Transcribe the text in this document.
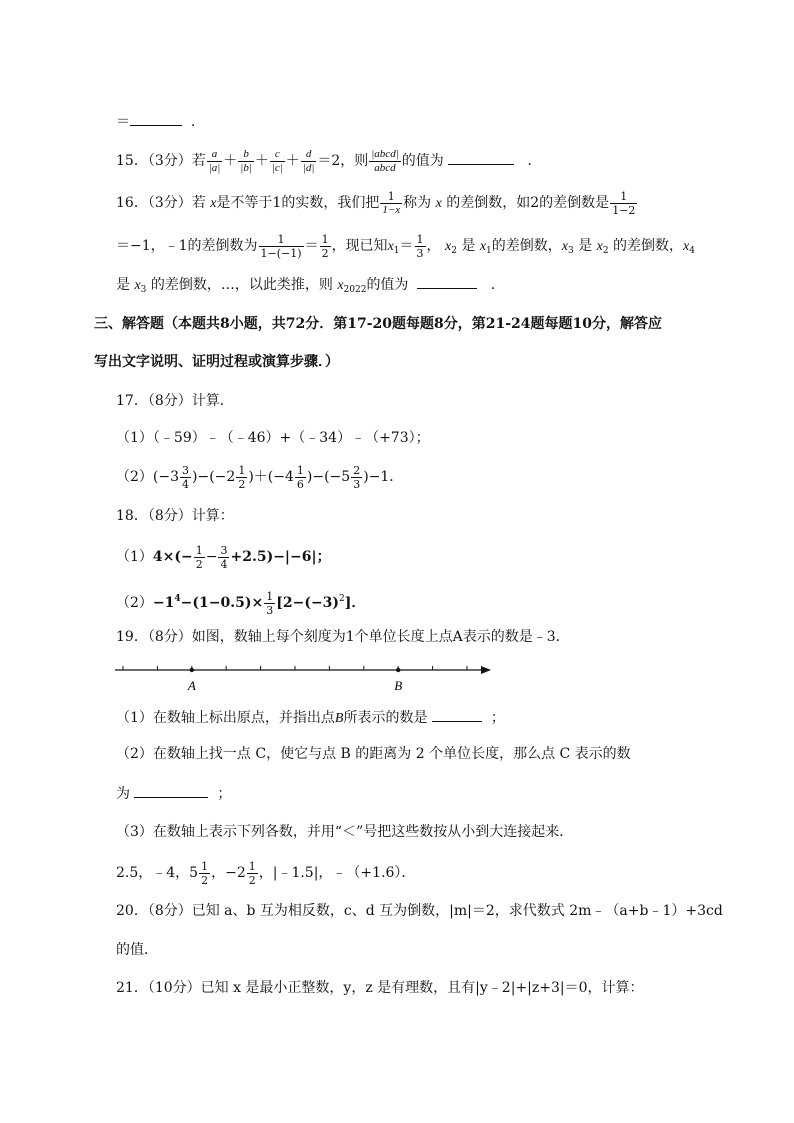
＝	.
15．（3分）若 $\frac{a}{|a|} + \frac{b}{|b|} + \frac{c}{|c|} + \frac{d}{|d|} =2$，则 $\frac{\text{|abcd|}}{\text{abcd}}$ 的值为	.
16．（3分）若 x是不等于1的实数，我们把 $\frac{1}{1-x}$ 称为 x 的差倒数，如2的差倒数是 $\frac{1}{1-2}$
＝−1，﹣1的差倒数为 $\frac{1}{1-(-1)} = \frac{1}{2}$ ，现已知$x_1= \frac{1}{3}$ ， $x_2$ 是 $x_1$的差倒数，$x_3$ 是 $x_2$ 的差倒数，$x_4$
是 $x_3$ 的差倒数，…，以此类推，则 $x_{2022}$的值为	.
三、解答题（本题共8小题，共72分．第17-20题每题8分，第21-24题每题10分，解答应
写出文字说明、证明过程或演算步骤．）
17．（8分）计算．
（1）（﹣59）﹣（﹣46）+（﹣34）﹣（+73）；
$(2)(-3 \frac{3}{4} )-(-2 \frac{1}{2} )+(-4 \frac{1}{6} )-(-5 \frac{2}{3} )-1$．
18．（8分）计算：
$(1)4\times(- \frac{1}{2} - \frac{3}{4} +2.5)-|-6|$；
$(2)-1^4-(1-0.5)\times \frac{1}{3} [2-(-3)^2]$．
19．（8分）如图，数轴上每个刻度为1个单位长度上点A表示的数是﹣3．
A	B
（1）在数轴上标出原点，并指出点B所表示的数是	；
（2）在数轴上找一点 C，使它与点 B 的距离为 2 个单位长度，那么点 C 表示的数
为	；
（3）在数轴上表示下列各数，并用“＜”号把这些数按从小到大连接起来．
2.5，﹣4，$5 \frac{1}{2}$ ，$-2 \frac{1}{2}$ ，|﹣1.5|，﹣（+1.6）．
20．（8分）已知 a、b 互为相反数，c、d 互为倒数，|m|＝2，求代数式 2m﹣（a+b﹣1）+3cd
的值．
21．（10分）已知 x 是最小正整数，y，z 是有理数，且有|y﹣2|+|z+3|＝0，计算：
